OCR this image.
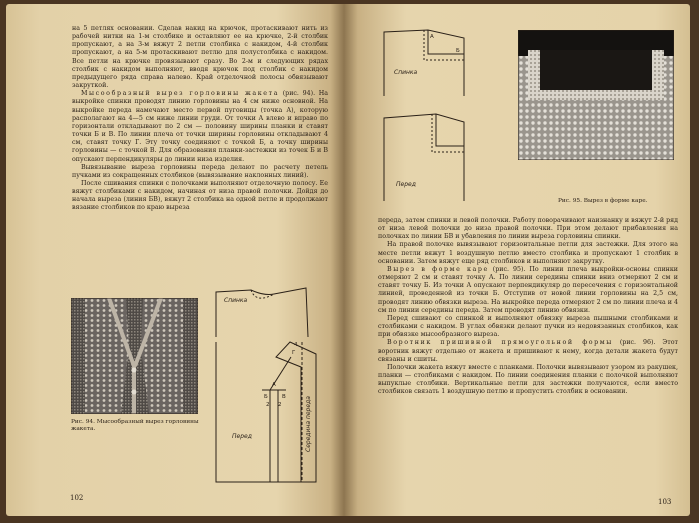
на 5 петлях основании. Сделав накид на крючок, протаскивают нить из рабочей нитки на 1-м столбике и оставляют ее на крючке, 2-й столбик пропускают, а на 3-м вяжут 2 петли столбика с накидом, 4-й столбик пропускают, а на 5-м протаскивают петлю для полустолбика с накидом. Все петли на крючке провязывают сразу. Во 2-м и следующих рядах столбик с накидом выполняют, вводя крючок под столбик с накидом предыдущего ряда справа налево. Край отделочной полосы обвязывают закруткой.

Мысообразный вырез горловины жакета (рис. 94). На выкройке спинки проводят линию горловины на 4 см ниже основной. На выкройке переда намечают место первой пуговицы (точка А), которую располагают на 4—5 см ниже линии груди. От точки А влево и вправо по горизонтали откладывают по 2 см — половину ширины планки и ставят точки Б и В. По линии плеча от точки ширины горловины откладывают 4 см, ставят точку Г. Эту точку соединяют с точкой Б, а точку ширины горловины — с точкой В. Для образования планки-застежки из точек Б и В опускают перпендикуляры до линии низа изделия.

Вывязывание выреза горловины переда делают по расчету петель пучками из сокращенных столбиков (вывязывание наклонных линий).

После сшивания спинки с полочками выполняют отделочную полосу. Ее вяжут столбиками с накидом, начиная от низа правой полочки. Дойдя до начала выреза (линия БВ), вяжут 2 столбика на одной петле и продолжают вязание столбиков по краю выреза

Рис. 94. Мысообразный вырез горловины жакета.
Спинка
Перед	Середина переда
Г
Б
А
В
4
2 2
102
Спинка
Перед
А
Б
Рис. 95. Вырез в форме каре.

переда, затем спинки и левой полочки. Работу поворачивают наизнанку и вяжут 2-й ряд от низа левой полочки до низа правой полочки. При этом делают прибавления на полочках по линии БВ и убавления по линии выреза горловины спинки.

На правой полочке вывязывают горизонтальные петли для застежки. Для этого на месте петли вяжут 1 воздушную петлю вместо столбика и пропускают 1 столбик в основании. Затем вяжут еще ряд столбиков и выполняют закрутку.

Вырез в форме каре (рис. 95). По линии плеча выкройки-основы спинки отмеряют 2 см и ставят точку А. По линии середины спинки вниз отмеряют 2 см и ставят точку Б. Из точки А опускают перпендикуляр до пересечения с горизонтальной линией, проведенной из точки Б. Отступив от новой линии горловины на 2,5 см, проводят линию обвязки выреза. На выкройке переда отмеряют 2 см по линии плеча и 4 см по линии середины переда. Затем проводят линию обвязки.

Перед сшивают со спинкой и выполняют обвязку выреза пышными столбиками и столбиками с накидом. В углах обвязки делают пучки из недовязанных столбиков, как при обвязке мысообразного выреза.

Воротник пришивной прямоугольной формы (рис. 96). Этот воротник вяжут отдельно от жакета и пришивают к нему, когда детали жакета будут связаны и сшиты.

Полочки жакета вяжут вместе с планками. Полочки вывязывают узором из ракушек, планки — столбиками с накидом. По линии соединения планки с полочкой выполняют выпуклые столбики. Вертикальные петли для застежки получаются, если вместо столбиков связать 1 воздушную петлю и пропустить столбик в основании.

103
